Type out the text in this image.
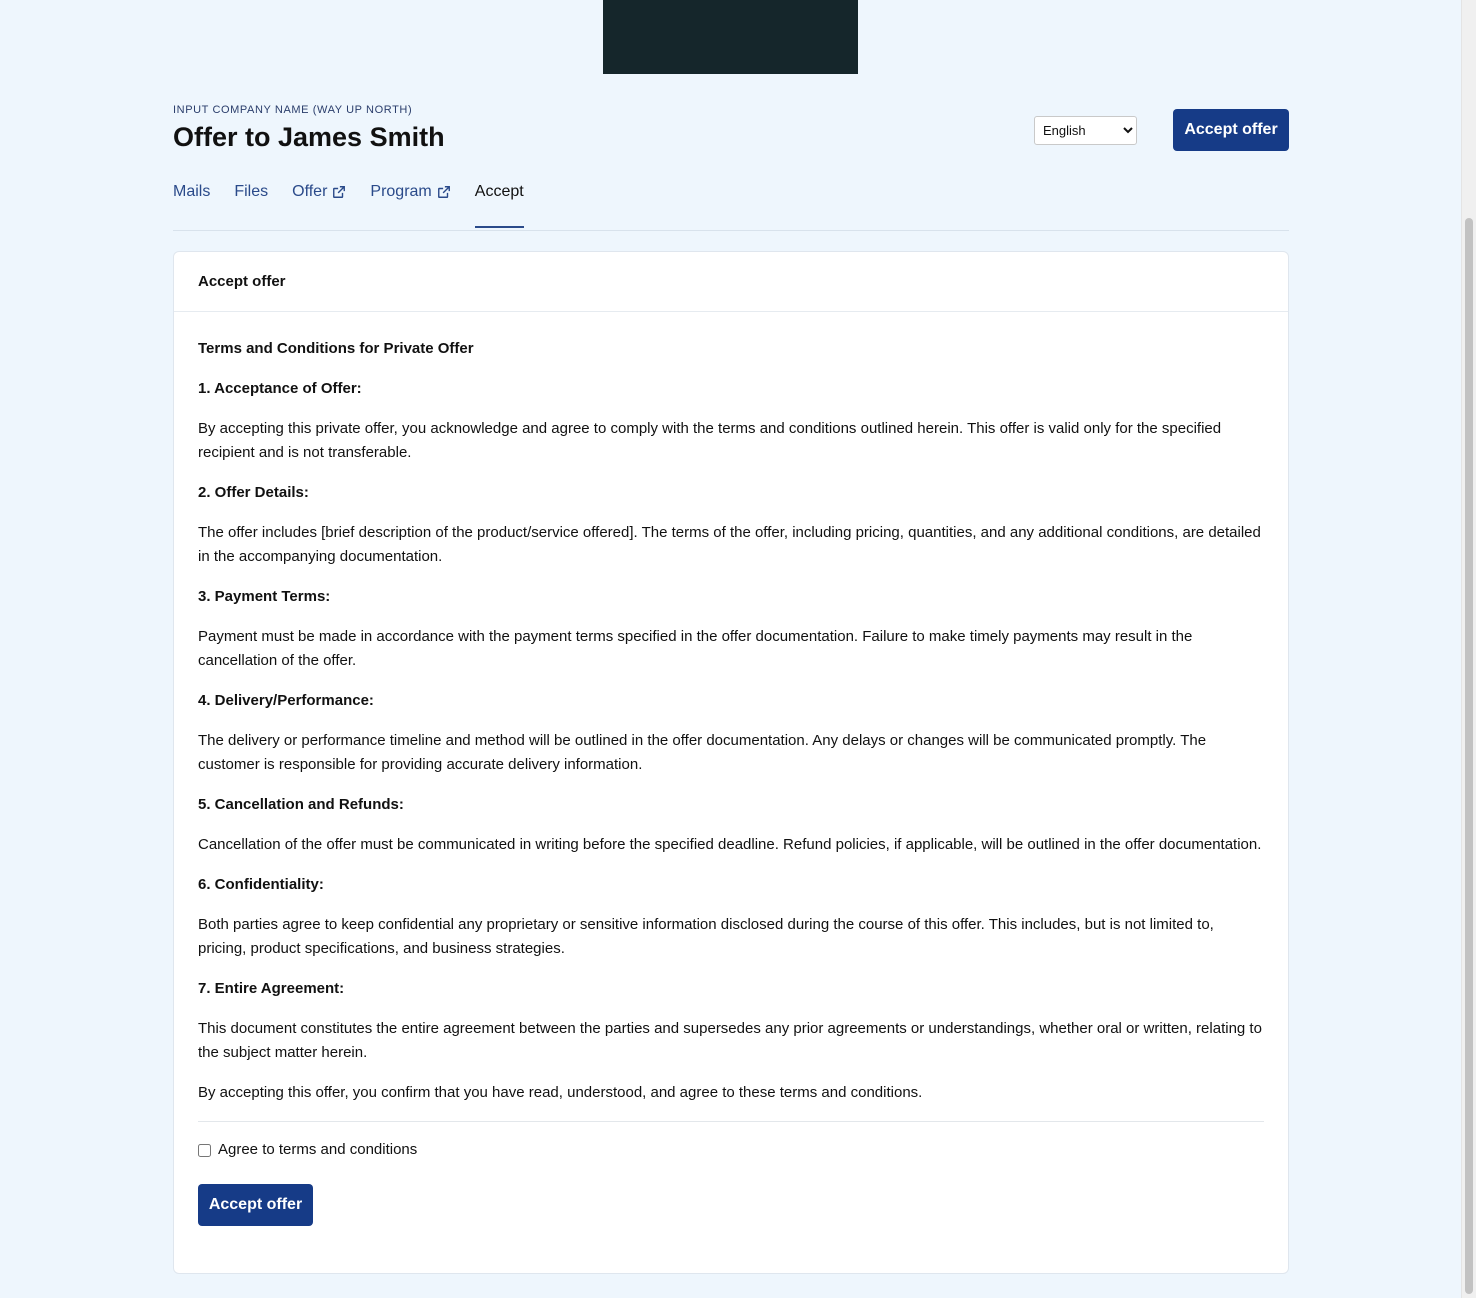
INPUT COMPANY NAME (WAY UP NORTH)
Offer to James Smith
English	Accept offer
Mails Files Offer	Program	Accept
Accept offer
Terms and Conditions for Private Offer
1. Acceptance of Offer:

By accepting this private offer, you acknowledge and agree to comply with the terms and conditions outlined herein. This offer is valid only for the specified recipient and is not transferable.

2. Offer Details:

The offer includes [brief description of the product/service offered]. The terms of the offer, including pricing, quantities, and any additional conditions, are detailed in the accompanying documentation.

3. Payment Terms:

Payment must be made in accordance with the payment terms specified in the offer documentation. Failure to make timely payments may result in the cancellation of the offer.

4. Delivery/Performance:

The delivery or performance timeline and method will be outlined in the offer documentation. Any delays or changes will be communicated promptly. The customer is responsible for providing accurate delivery information.

5. Cancellation and Refunds:

Cancellation of the offer must be communicated in writing before the specified deadline. Refund policies, if applicable, will be outlined in the offer documentation.

6. Confidentiality:

Both parties agree to keep confidential any proprietary or sensitive information disclosed during the course of this offer. This includes, but is not limited to, pricing, product specifications, and business strategies.

7. Entire Agreement:

This document constitutes the entire agreement between the parties and supersedes any prior agreements or understandings, whether oral or written, relating to the subject matter herein.

By accepting this offer, you confirm that you have read, understood, and agree to these terms and conditions.

Agree to terms and conditions
Accept offer
